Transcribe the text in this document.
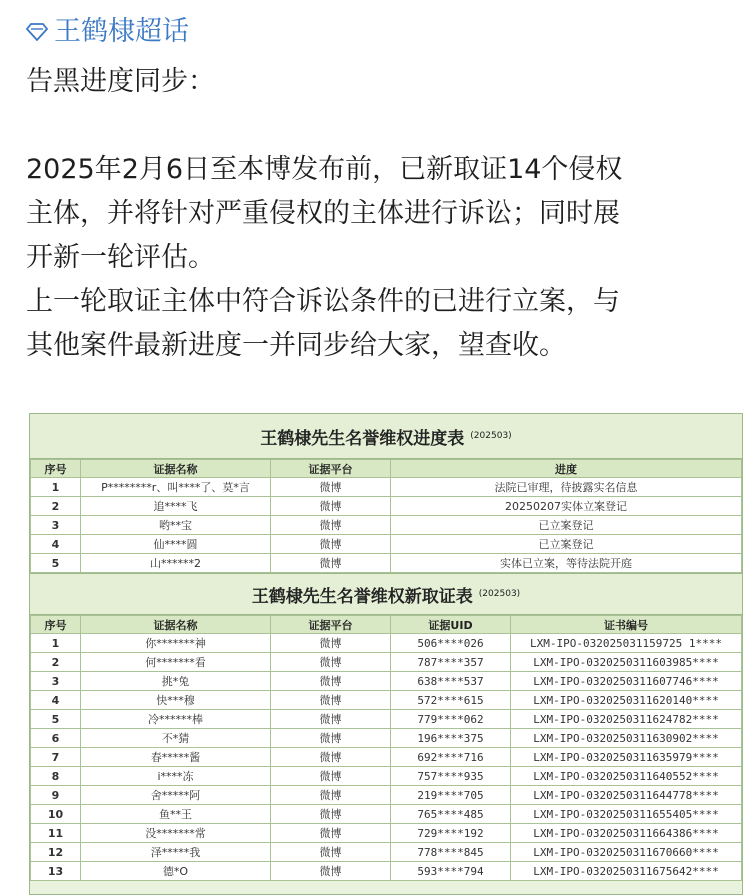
王鹤棣超话

告黑进度同步：

2025年2月6日至本博发布前，已新取证14个侵权

主体，并将针对严重侵权的主体进行诉讼；同时展

开新一轮评估。

上一轮取证主体中符合诉讼条件的已进行立案，与

其他案件最新进度一并同步给大家，望查收。

王鹤棣先生名誉维权进度表 (202503)
序号	证据名称	证据平台	进度
1	P********r、叫****了、莫*言	微博	法院已审理，待披露实名信息
2	追****飞	微博	20250207实体立案登记
3	哟**宝	微博	已立案登记
4	仙****圆	微博	已立案登记
5	山******2	微博	实体已立案，等待法院开庭
王鹤棣先生名誉维权新取证表 (202503)
序号	证据名称	证据平台	证据UID	证书编号
1	你*******神	微博	506****026	LXM-IPO-032025031159725 1****
2	何*******看	微博	787****357	LXM-IPO-0320250311603985****
3	挑*兔	微博	638****537	LXM-IPO-0320250311607746****
4	快***穆	微博	572****615	LXM-IPO-0320250311620140****
5	冷******棒	微博	779****062	LXM-IPO-0320250311624782****
6	不*猜	微博	196****375	LXM-IPO-0320250311630902****
7	春*****酱	微博	692****716	LXM-IPO-0320250311635979****
8	i****冻	微博	757****935	LXM-IPO-0320250311640552****
9	舍*****阿	微博	219****705	LXM-IPO-0320250311644778****
10	鱼**王	微博	765****485	LXM-IPO-0320250311655405****
11	没*******常	微博	729****192	LXM-IPO-0320250311664386****
12	泽*****我	微博	778****845	LXM-IPO-0320250311670660****
13	德*O	微博	593****794	LXM-IPO-0320250311675642****
